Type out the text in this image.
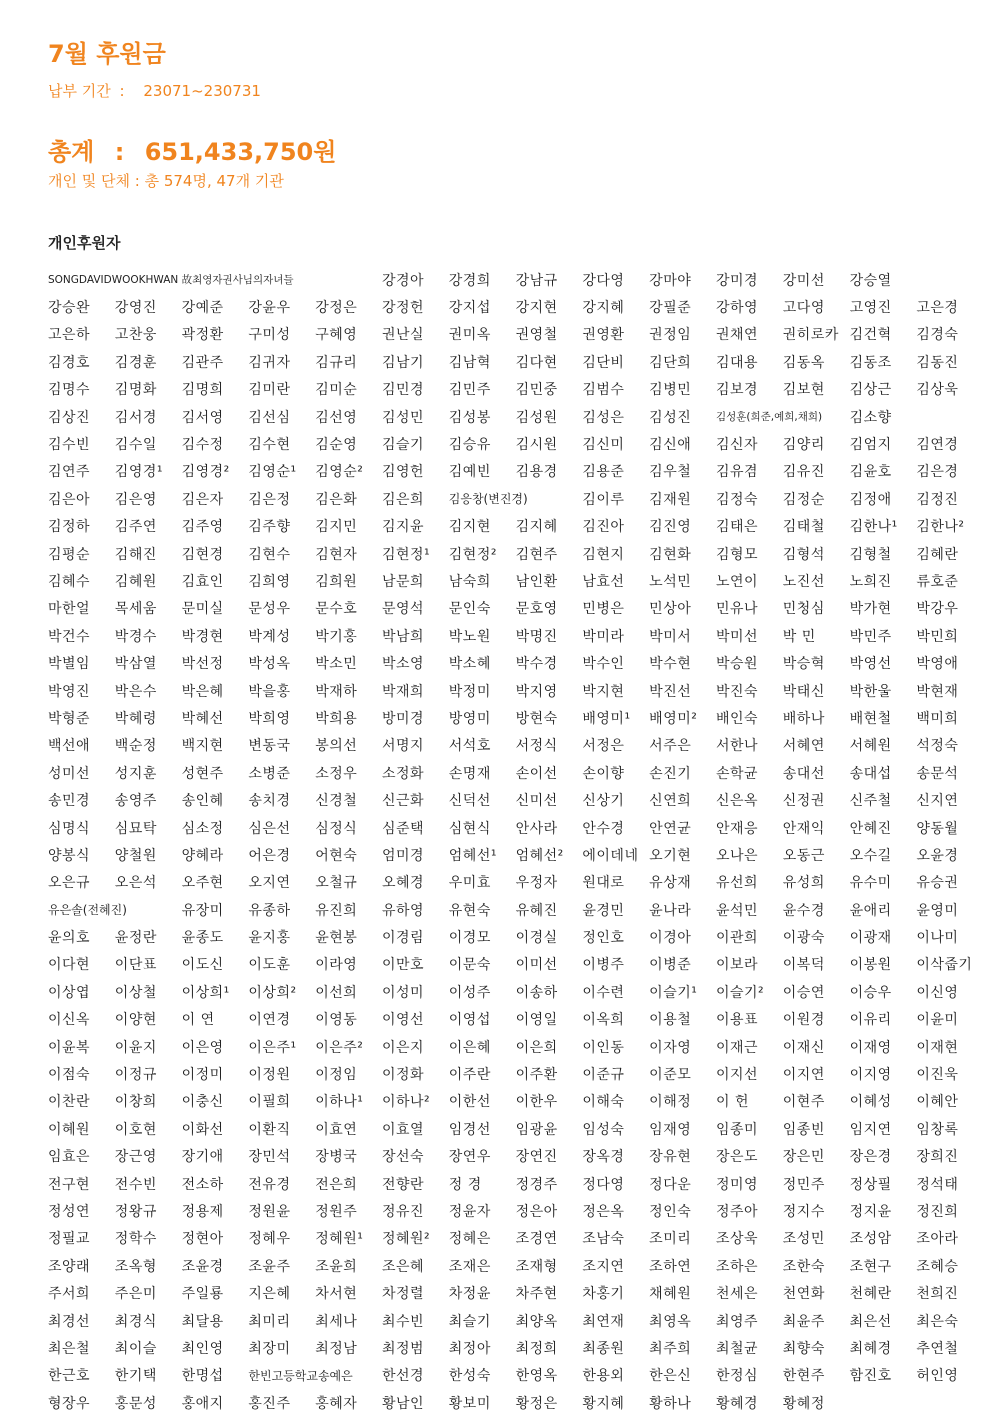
7월 후원금
납부 기간 : 23071~230731
총계 : 651,433,750원
개인 및 단체 : 총 574명, 47개 기관
개인후원자
SONGDAVIDWOOKHWAN 故최영자권사님의자녀들	강경아	강경희	강남규	강다영	강마야	강미경	강미선	강승열
강승완	강영진	강예준	강윤우	강정은	강정헌	강지섭	강지현	강지혜	강필준	강하영	고다영	고영진	고은경
고은하	고찬웅	곽정환	구미성	구혜영	권난실	권미옥	권영철	권영환	권정임	권채연	권히로카 김건혁	김경숙
김경호	김경훈	김관주	김귀자	김규리	김남기	김남혁	김다현	김단비	김단희	김대용	김동옥	김동조	김동진
김명수	김명화	김명희	김미란	김미순	김민경	김민주	김민중	김범수	김병민	김보경	김보현	김상근	김상욱
김상진	김서경	김서영	김선심	김선영	김성민	김성봉	김성원	김성은	김성진	김성훈(희준,예희,채희) 김소향
김수빈	김수일	김수정	김수현	김순영	김슬기	김승유	김시원	김신미	김신애	김신자	김양리	김엄지	김연경
김연주	김영경¹	김영경²	김영순¹	김영순²	김영헌	김예빈	김용경	김용준	김우철	김유겸	김유진	김윤호	김은경
김은아	김은영	김은자	김은정	김은화	김은희	김응창(변진경)	김이루	김재원	김정숙	김정순	김정애	김정진
김정하	김주연	김주영	김주향	김지민	김지윤	김지현	김지혜	김진아	김진영	김태은	김태철	김한나¹	김한나²
김평순	김해진	김현경	김현수	김현자	김현정¹	김현정²	김현주	김현지	김현화	김형모	김형석	김형철	김혜란
김혜수	김혜원	김효인	김희영	김희원	남문희	남숙희	남인환	남효선	노석민	노연이	노진선	노희진	류호준
마한얼	목세움	문미실	문성우	문수호	문영석	문인숙	문호영	민병은	민상아	민유나	민청심	박가현	박강우
박건수	박경수	박경현	박계성	박기홍	박남희	박노원	박명진	박미라	박미서	박미선	박 민	박민주	박민희
박별임	박삼열	박선정	박성옥	박소민	박소영	박소혜	박수경	박수인	박수현	박승원	박승혁	박영선	박영애
박영진	박은수	박은혜	박을홍	박재하	박재희	박정미	박지영	박지현	박진선	박진숙	박태신	박한울	박현재
박형준	박혜령	박혜선	박희영	박희용	방미경	방영미	방현숙	배영미¹	배영미²	배인숙	배하나	배현철	백미희
백선애	백순정	백지현	변동국	봉의선	서명지	서석호	서정식	서정은	서주은	서한나	서혜연	서혜원	석정숙
성미선	성지훈	성현주	소병준	소정우	소정화	손명재	손이선	손이향	손진기	손학균	송대선	송대섭	송문석
송민경	송영주	송인혜	송치경	신경철	신근화	신덕선	신미선	신상기	신연희	신은옥	신정권	신주철	신지연
심명식	심묘탁	심소정	심은선	심정식	심준택	심현식	안사라	안수경	안연균	안재응	안재익	안혜진	양동월
양봉식	양철원	양혜라	어은경	어현숙	엄미경	엄혜선¹	엄혜선²	에이데네 오기현	오나은	오동근	오수길	오윤경
오은규	오은석	오주현	오지연	오철규	오혜경	우미효	우정자	원대로	유상재	유선희	유성희	유수미	유승권
유은솔(전혜진)	유장미	유종하	유진희	유하영	유현숙	유혜진	윤경민	윤나라	윤석민	윤수경	윤애리	윤영미
윤의호	윤정란	윤종도	윤지홍	윤현봉	이경림	이경모	이경실	정인호	이경아	이관희	이광숙	이광재	이나미
이다현	이단표	이도신	이도훈	이라영	이만호	이문숙	이미선	이병주	이병준	이보라	이복덕	이봉원	이삭줍기
이상엽	이상철	이상희¹	이상희²	이선희	이성미	이성주	이송하	이수련	이슬기¹	이슬기²	이승연	이승우	이신영
이신옥	이양현	이 연	이연경	이영동	이영선	이영섭	이영일	이옥희	이용철	이용표	이원경	이유리	이윤미
이윤복	이윤지	이은영	이은주¹	이은주²	이은지	이은혜	이은희	이인동	이자영	이재근	이재신	이재영	이재현
이점숙	이정규	이정미	이정원	이정임	이정화	이주란	이주환	이준규	이준모	이지선	이지연	이지영	이진욱
이찬란	이창희	이충신	이필희	이하나¹	이하나²	이한선	이한우	이해숙	이해정	이 헌	이현주	이혜성	이혜안
이혜원	이호현	이화선	이환직	이효연	이효열	임경선	임광윤	임성숙	임재영	임종미	임종빈	임지연	임창록
임효은	장근영	장기애	장민석	장병국	장선숙	장연우	장연진	장옥경	장유현	장은도	장은민	장은경	장희진
전구현	전수빈	전소하	전유경	전은희	전향란	정 경	정경주	정다영	정다운	정미영	정민주	정상필	정석태
정성연	정왕규	정용제	정원윤	정원주	정유진	정윤자	정은아	정은옥	정인숙	정주아	정지수	정지윤	정진희
정필교	정학수	정현아	정혜우	정혜원¹	정혜원²	정혜은	조경연	조남숙	조미리	조상욱	조성민	조성암	조아라
조양래	조옥형	조윤경	조윤주	조윤희	조은혜	조재은	조재형	조지연	조하연	조하은	조한숙	조현구	조혜승
주서희	주은미	주일룡	지은혜	차서현	차정렬	차정윤	차주현	차홍기	채혜원	천세은	천연화	천혜란	천희진
최경선	최경식	최달용	최미리	최세나	최수빈	최슬기	최양옥	최연재	최영옥	최영주	최윤주	최은선	최은숙
최은철	최이슬	최인영	최장미	최정남	최정범	최정아	최정희	최종원	최주희	최철균	최향숙	최혜경	추연철
한근호	한기택	한명섭	한빈고등학교송예은 한선경	한성숙	한영옥	한용외	한은신	한정심	한현주	함진호	허인영
형장우	홍문성	홍애지	홍진주	홍혜자	황남인	황보미	황정은	황지혜	황하나	황혜경	황혜정
